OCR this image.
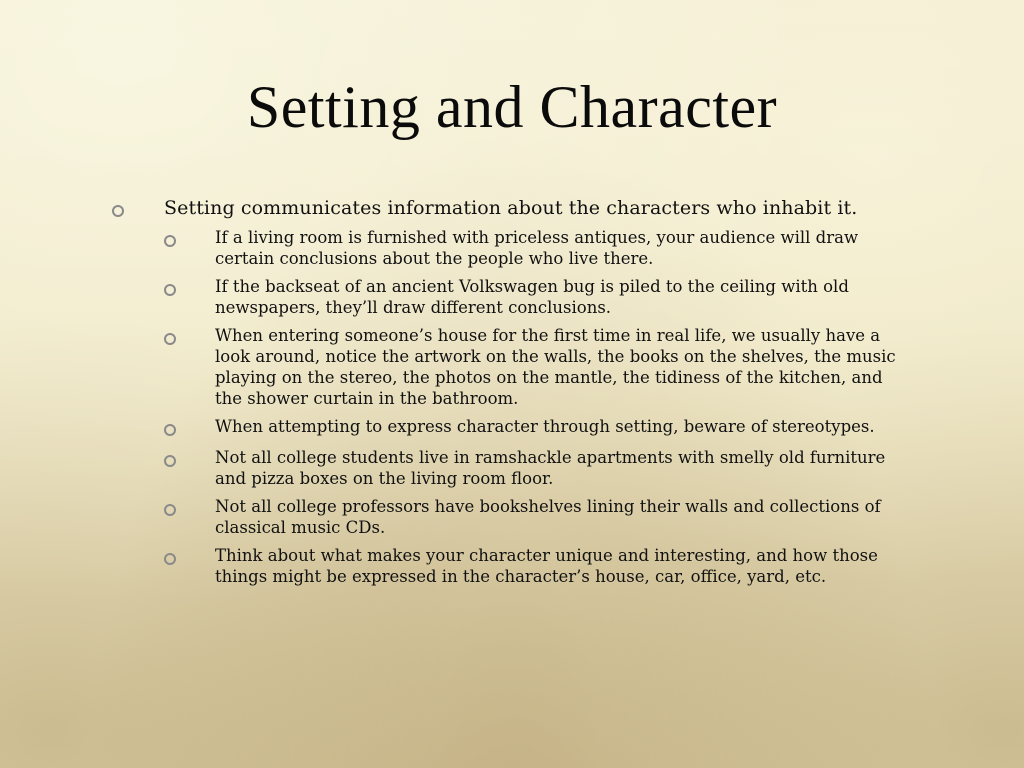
Setting and Character
Setting communicates information about the characters who inhabit it.
If a living room is furnished with priceless antiques, your audience will draw certain conclusions about the people who live there.
If the backseat of an ancient Volkswagen bug is piled to the ceiling with old newspapers, they’ll draw different conclusions.
When entering someone’s house for the first time in real life, we usually have a look around, notice the artwork on the walls, the books on the shelves, the music playing on the stereo, the photos on the mantle, the tidiness of the kitchen, and the shower curtain in the bathroom.
When attempting to express character through setting, beware of stereotypes.
Not all college students live in ramshackle apartments with smelly old furniture and pizza boxes on the living room floor.
Not all college professors have bookshelves lining their walls and collections of classical music CDs.
Think about what makes your character unique and interesting, and how those things might be expressed in the character’s house, car, office, yard, etc.
